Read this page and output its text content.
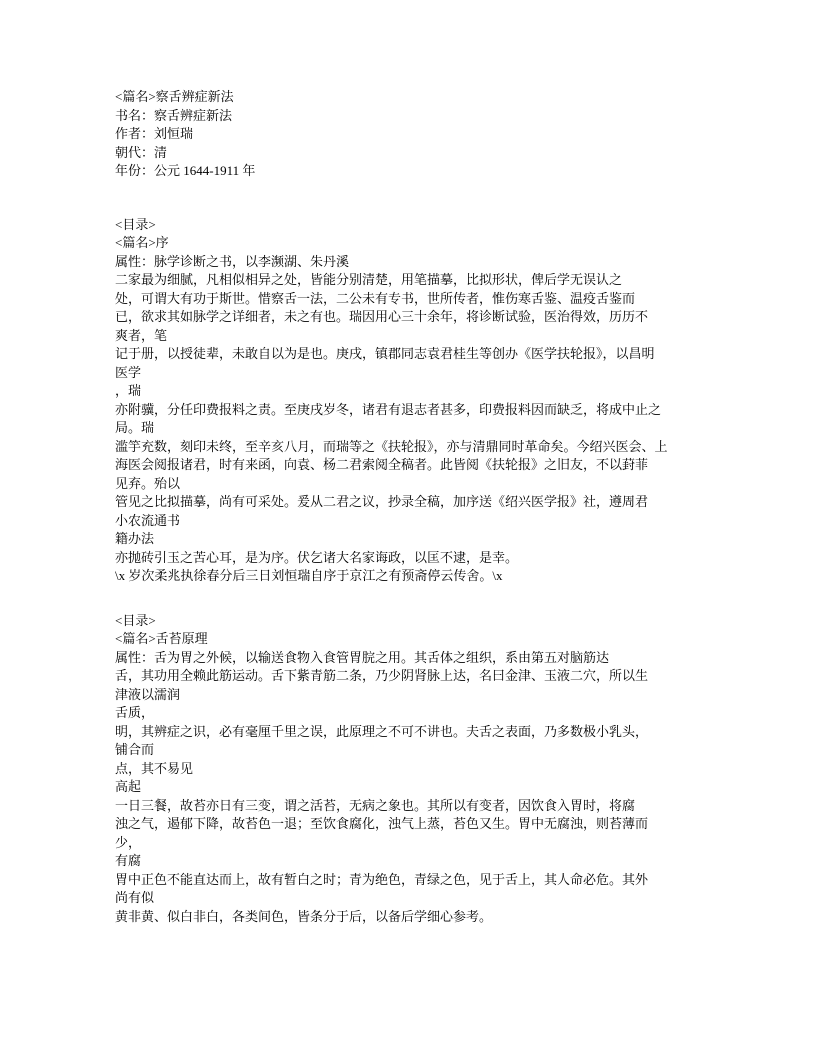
<篇名>察舌辨症新法
书名：察舌辨症新法
作者：刘恒瑞
朝代：清
年份：公元 1644-1911 年
<目录>
<篇名>序
属性：脉学诊断之书，以李濒湖、朱丹溪
二家最为细腻，凡相似相异之处，皆能分别清楚，用笔描摹，比拟形状，俾后学无误认之
处，可谓大有功于斯世。惜察舌一法，二公未有专书，世所传者，惟伤寒舌鉴、温疫舌鉴而
已，欲求其如脉学之详细者，未之有也。瑞因用心三十余年，将诊断试验，医治得效，历历不
爽者，笔
记于册，以授徒辈，未敢自以为是也。庚戌，镇郡同志袁君桂生等创办《医学扶轮报》，以昌明
医学
，瑞
亦附骥，分任印费报料之责。至庚戌岁冬，诸君有退志者甚多，印费报料因而缺乏，将成中止之
局。瑞
滥竽充数，刻印未终，至辛亥八月，而瑞等之《扶轮报》，亦与清鼎同时革命矣。今绍兴医会、上
海医会阅报诸君，时有来函，向袁、杨二君索阅全稿者。此皆阅《扶轮报》之旧友，不以葑菲
见弃。殆以
管见之比拟描摹，尚有可采处。爰从二君之议，抄录全稿，加序送《绍兴医学报》社，遵周君
小农流通书
籍办法
亦抛砖引玉之苦心耳，是为序。伏乞诸大名家诲政，以匡不逮，是幸。
\x 岁次柔兆执徐春分后三日刘恒瑞自序于京江之有预斋停云传舍。\x
<目录>
<篇名>舌苔原理
属性：舌为胃之外候，以输送食物入食管胃脘之用。其舌体之组织，系由第五对脑筋达
舌，其功用全赖此筋运动。舌下紫青筋二条，乃少阴肾脉上达，名曰金津、玉液二穴，所以生
津液以濡润
舌质，
明，其辨症之识，必有毫厘千里之误，此原理之不可不讲也。夫舌之表面，乃多数极小乳头，
铺合而
点，其不易见
高起
一日三餐，故苔亦日有三变，谓之活苔，无病之象也。其所以有变者，因饮食入胃时，将腐
浊之气，遏郁下降，故苔色一退；至饮食腐化，浊气上蒸，苔色又生。胃中无腐浊，则苔薄而
少，
有腐
胃中正色不能直达而上，故有暂白之时；青为绝色，青绿之色，见于舌上，其人命必危。其外
尚有似
黄非黄、似白非白，各类间色，皆条分于后，以备后学细心参考。
